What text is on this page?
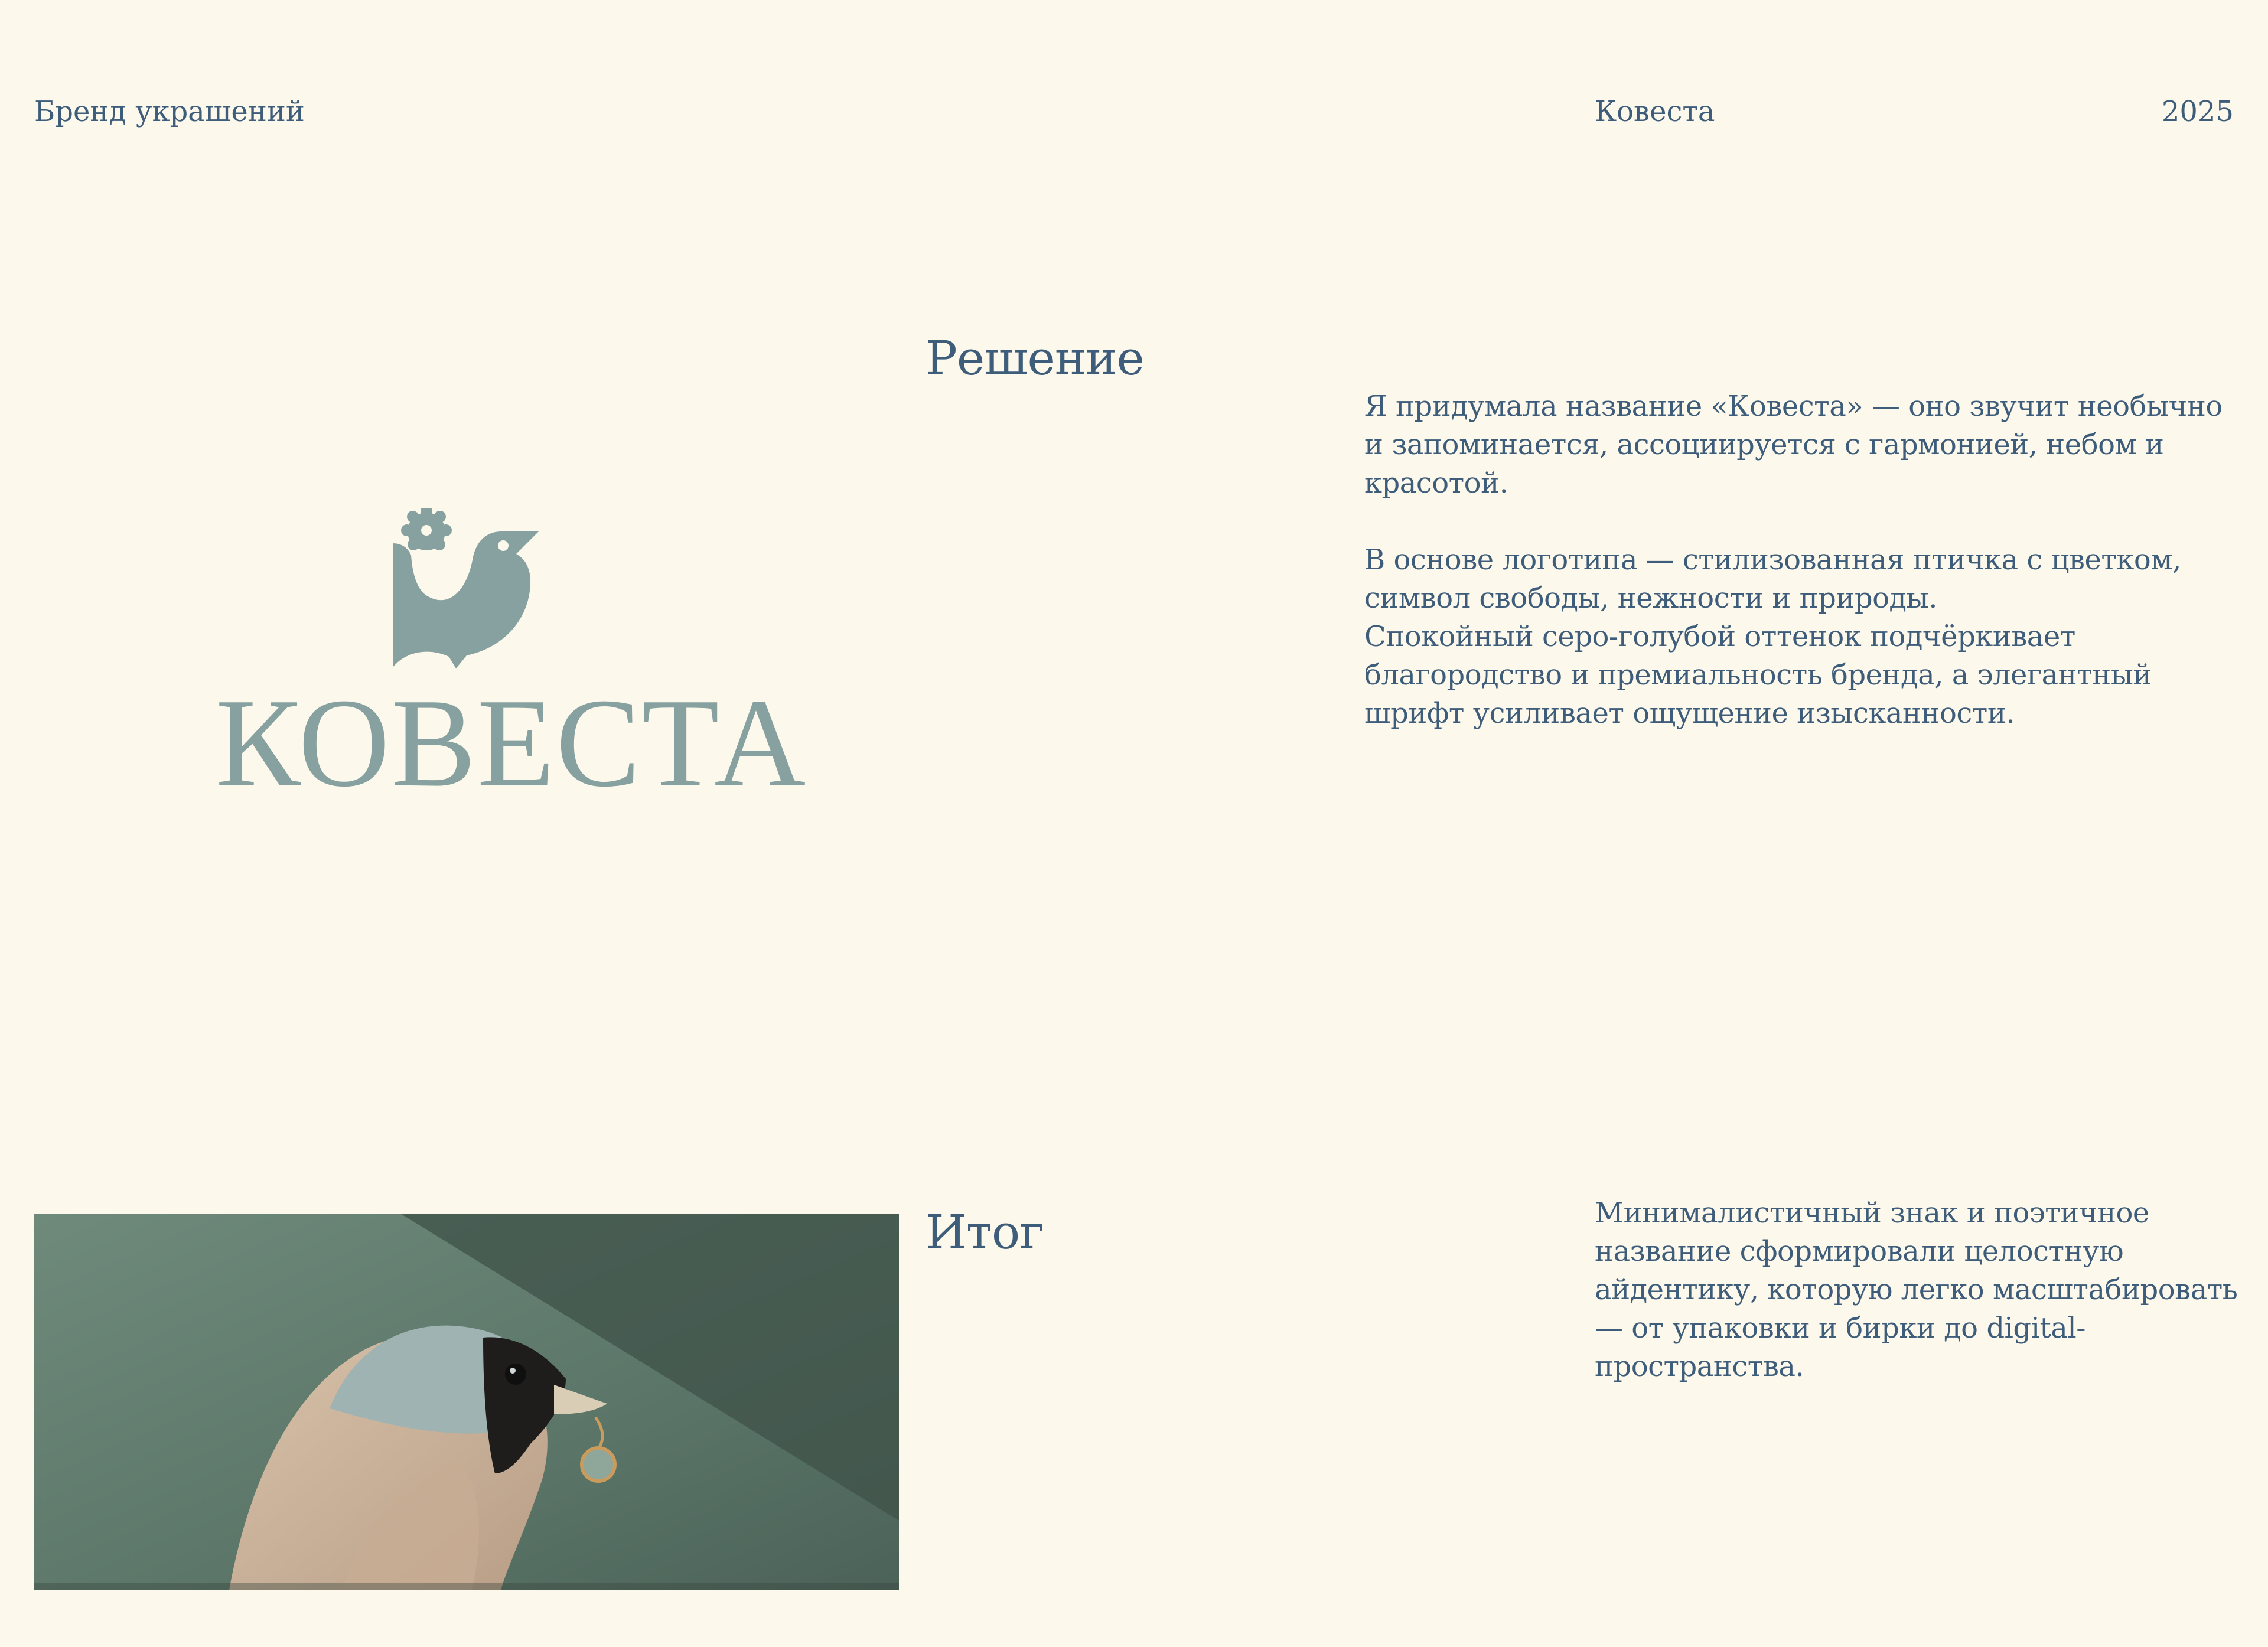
Бренд украшений	Ковеста	2025
Решение

Я придумала название «Ковеста» — оно звучит необычно и запоминается, ассоциируется с гармонией, небом и красотой.

В основе логотипа — стилизованная птичка с цветком, символ свободы, нежности и природы.

Спокойный серо-голубой оттенок подчёркивает благородство и премиальность бренда, а элегантный шрифт усиливает ощущение изысканности.

КОВЕСТА
Итог	Минималистичный знак и поэтичное название сформировали целостную айдентику, которую легко масштабировать — от упаковки и бирки до digital-пространства.
